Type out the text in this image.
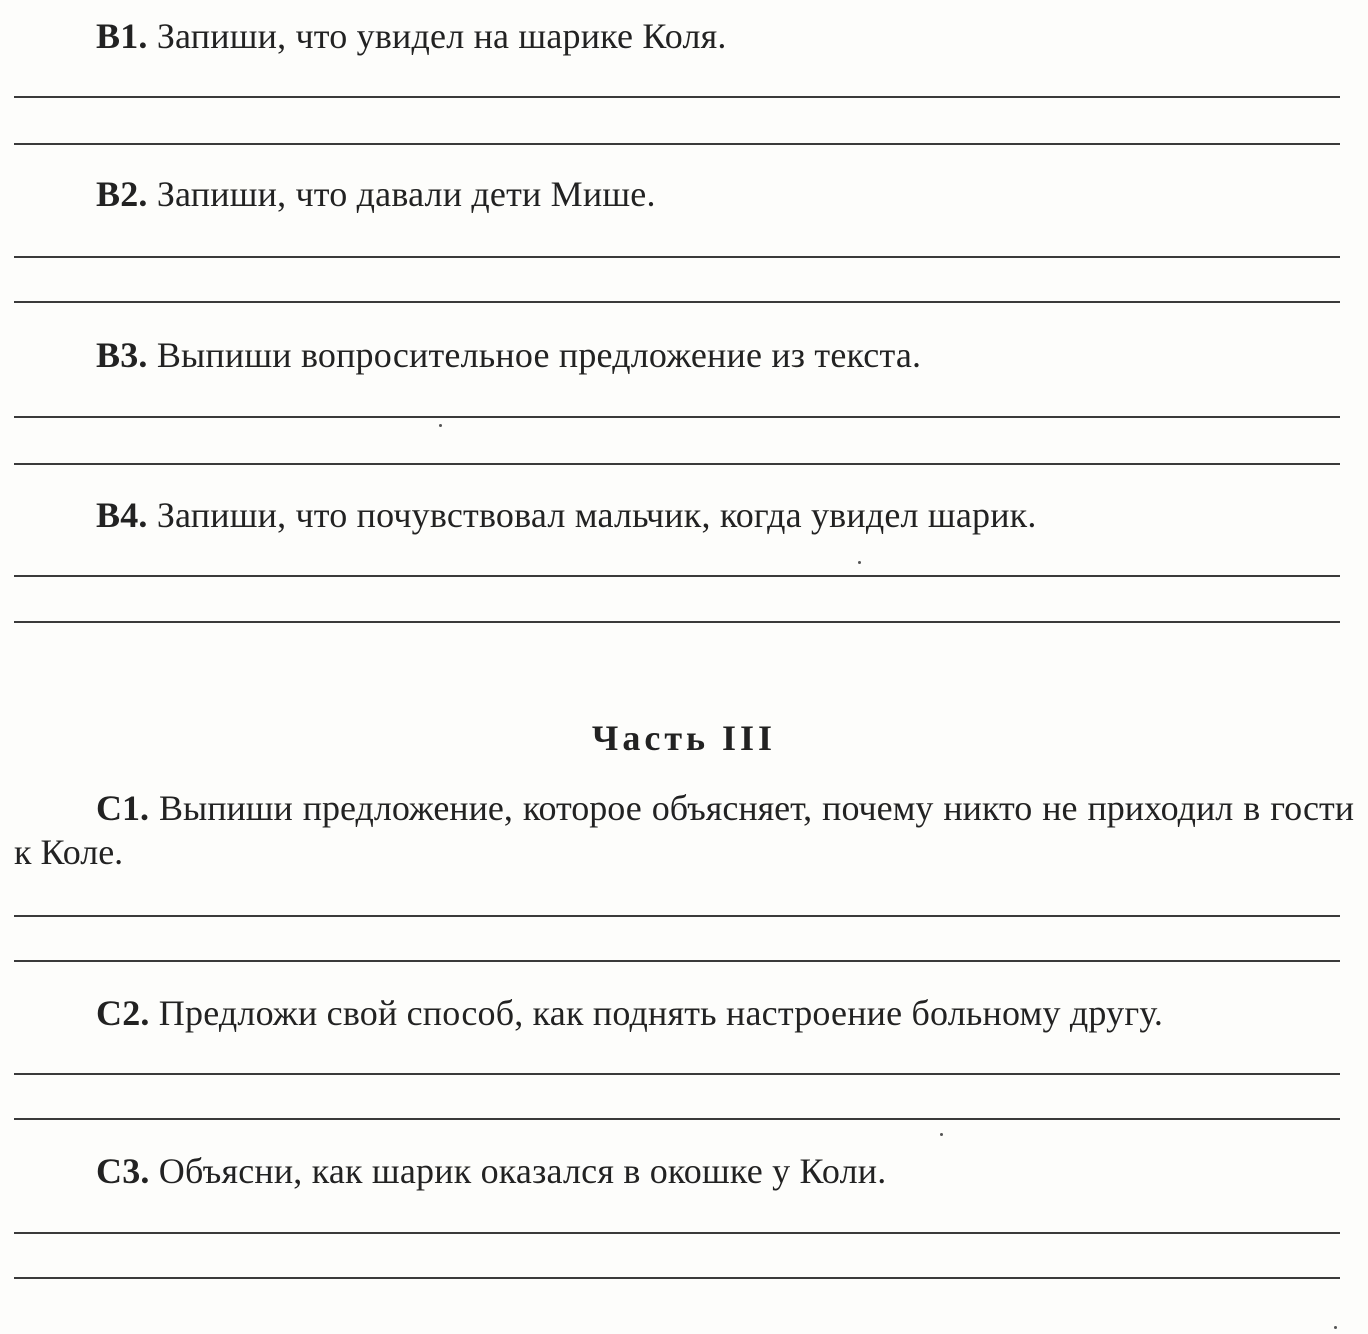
В1. Запиши, что увидел на шарике Коля.
В2. Запиши, что давали дети Мише.
В3. Выпиши вопросительное предложение из текста.
В4. Запиши, что почувствовал мальчик, когда увидел шарик.
Часть III
С1. Выпиши предложение, которое объясняет, почему никто не приходил в гости к Коле.
С2. Предложи свой способ, как поднять настроение больному другу.
С3. Объясни, как шарик оказался в окошке у Коли.
